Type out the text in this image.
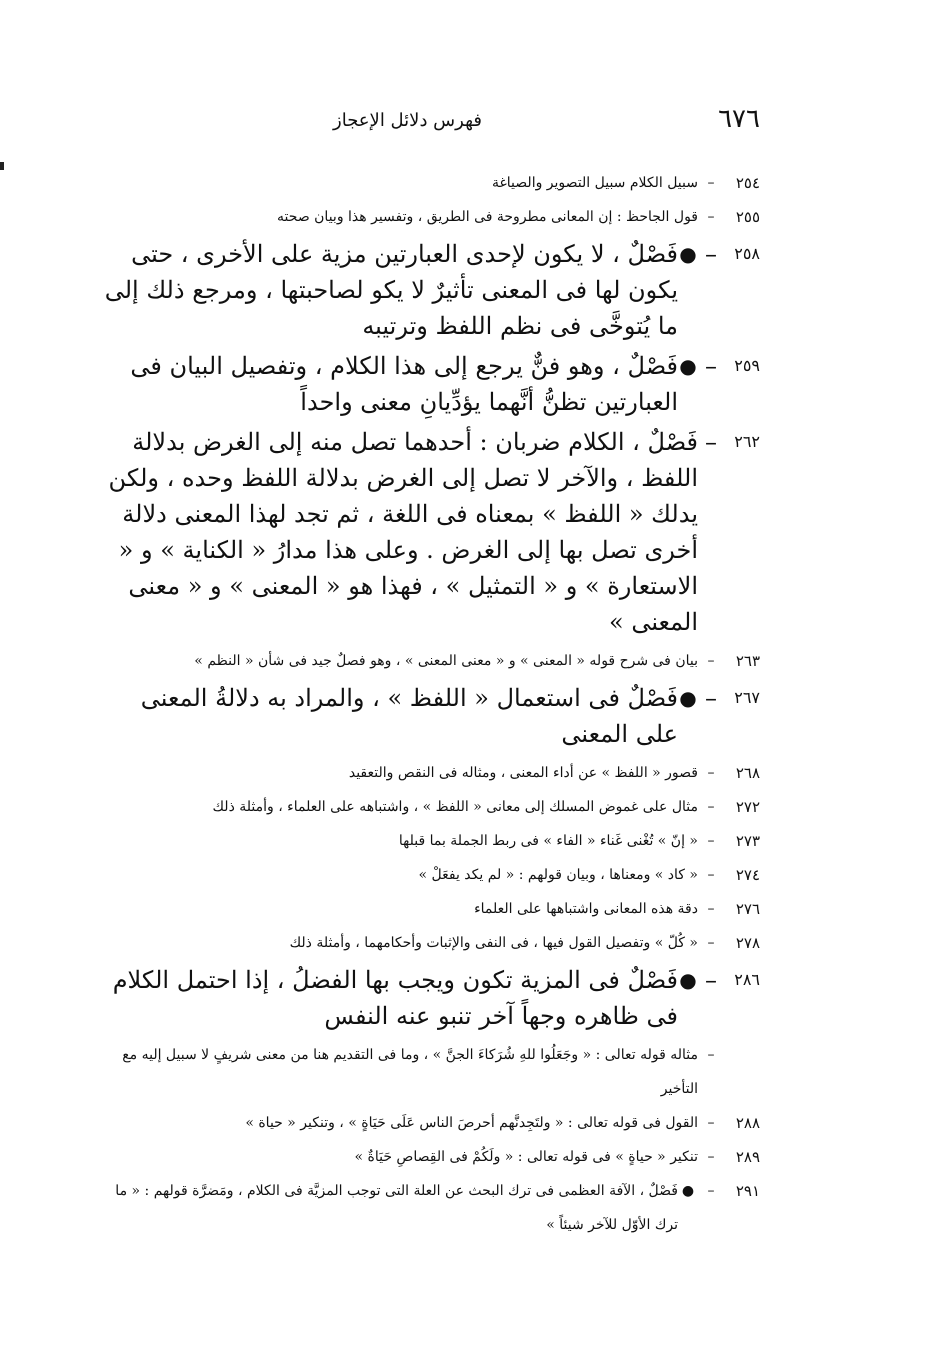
٦٧٦
فهرس دلائل الإعجاز
٢٥٤
–
سبيل الكلام سبيل التصوير والصياغة
٢٥٥
–
قول الجاحظ : إن المعانى مطروحة فى الطريق ، وتفسير هذا وبيان صحته
٢٥٨
–
●
فَصْلٌ ، لا يكون لإحدى العبارتين مزية على الأخرى ، حتى يكون لها فى المعنى تأثيرٌ لا يكو لصاحبتها ، ومرجع ذلك إلى ما يُتوخَّى فى نظم اللفظ وترتيبه
٢٥٩
–
●
فَصْلٌ ، وهو فنٌّ يرجع إلى هذا الكلام ، وتفصيل البيان فى العبارتين تظنُّ أنَّهما يؤدِّيانِ معنى واحداً
٢٦٢
–
فَصْلٌ ، الكلام ضربان : أحدهما تصل منه إلى الغرض بدلالة اللفظ ، والآخر لا تصل إلى الغرض بدلالة اللفظ وحده ، ولكن يدلك « اللفظ » بمعناه فى اللغة ، ثم تجد لهذا المعنى دلالة أخرى تصل بها إلى الغرض . وعلى هذا مدارُ « الكناية » و « الاستعارة » و « التمثيل » ، فهذا هو « المعنى » و « معنى المعنى »
٢٦٣
–
بيان فى شرح قوله « المعنى » و « معنى المعنى » ، وهو فصلٌ جيد فى شأن « النظم »
٢٦٧
–
●
فَصْلٌ فى استعمال « اللفظ » ، والمراد به دلالةُ المعنى على المعنى
٢٦٨
–
قصور « اللفظ » عن أداء المعنى ، ومثاله فى النقص والتعقيد
٢٧٢
–
مثال على غموض المسلك إلى معانى « اللفظ » ، واشتباهه على العلماء ، وأمثلة ذلك
٢٧٣
–
« إنّ » تُغْنى غَناء « الفاء » فى ربط الجملة بما قبلها
٢٧٤
–
« كاد » ومعناها ، وبيان قولهم : « لم يكد يفعَلْ »
٢٧٦
–
دقة هذه المعانى واشتباهها على العلماء
٢٧٨
–
« كُلّ » وتفصيل القول فيها ، فى النفى والإثبات وأحكامهما ، وأمثلة ذلك
٢٨٦
–
●
فَصْلٌ فى المزية تكون ويجب بها الفضلُ ، إذا احتمل الكلام فى ظاهره وجهاً آخر تنبو عنه النفس
–
مثاله قوله تعالى : « وجَعَلُوا للهِ شُرَكاءَ الجنَّ » ، وما فى التقديم هنا من معنى شريفٍ لا سبيل إليه مع التأخير
٢٨٨
–
القول فى قوله تعالى : « ولتَجِدنَّهم أحرصَ الناس عَلَى حَيَاةٍ » ، وتنكير « حياة »
٢٨٩
–
تنكير « حياةٍ » فى قوله تعالى : « ولَكُمْ فى القِصاصِ حَيَاةٌ »
٢٩١
–
●
فَصْلٌ ، الآفة العظمى فى ترك البحث عن العلة التى توجب المزيَّة فى الكلام ، ومَضرَّة قولهم : « ما ترك الأوّل للآخر شيئاً »
